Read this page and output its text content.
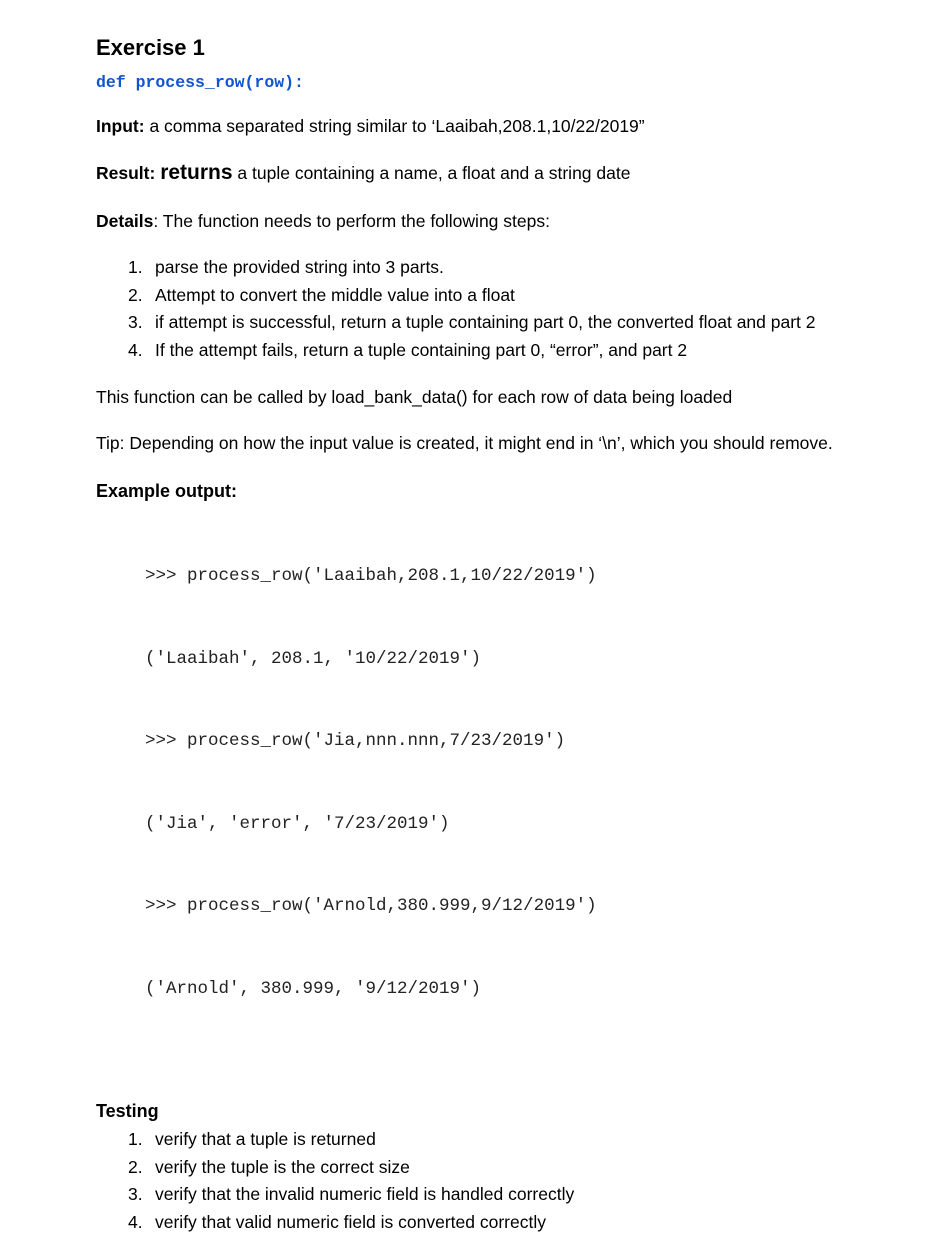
Exercise 1
def process_row(row):

Input: a comma separated string similar to ‘Laaibah,208.1,10/22/2019”

Result: returns a tuple containing a name, a float and a string date

Details: The function needs to perform the following steps:

1. parse the provided string into 3 parts.
2. Attempt to convert the middle value into a float
3. if attempt is successful, return a tuple containing part 0, the converted float and part 2
4. If the attempt fails, return a tuple containing part 0, “error”, and part 2

This function can be called by load_bank_data() for each row of data being loaded

Tip: Depending on how the input value is created, it might end in ‘\n’, which you should remove.

Example output:

>>> process_row('Laaibah,208.1,10/22/2019')

('Laaibah', 208.1, '10/22/2019')

>>> process_row('Jia,nnn.nnn,7/23/2019')

('Jia', 'error', '7/23/2019')

>>> process_row('Arnold,380.999,9/12/2019')

('Arnold', 380.999, '9/12/2019')

Testing
1. verify that a tuple is returned
2. verify the tuple is the correct size
3. verify that the invalid numeric field is handled correctly
4. verify that valid numeric field is converted correctly
